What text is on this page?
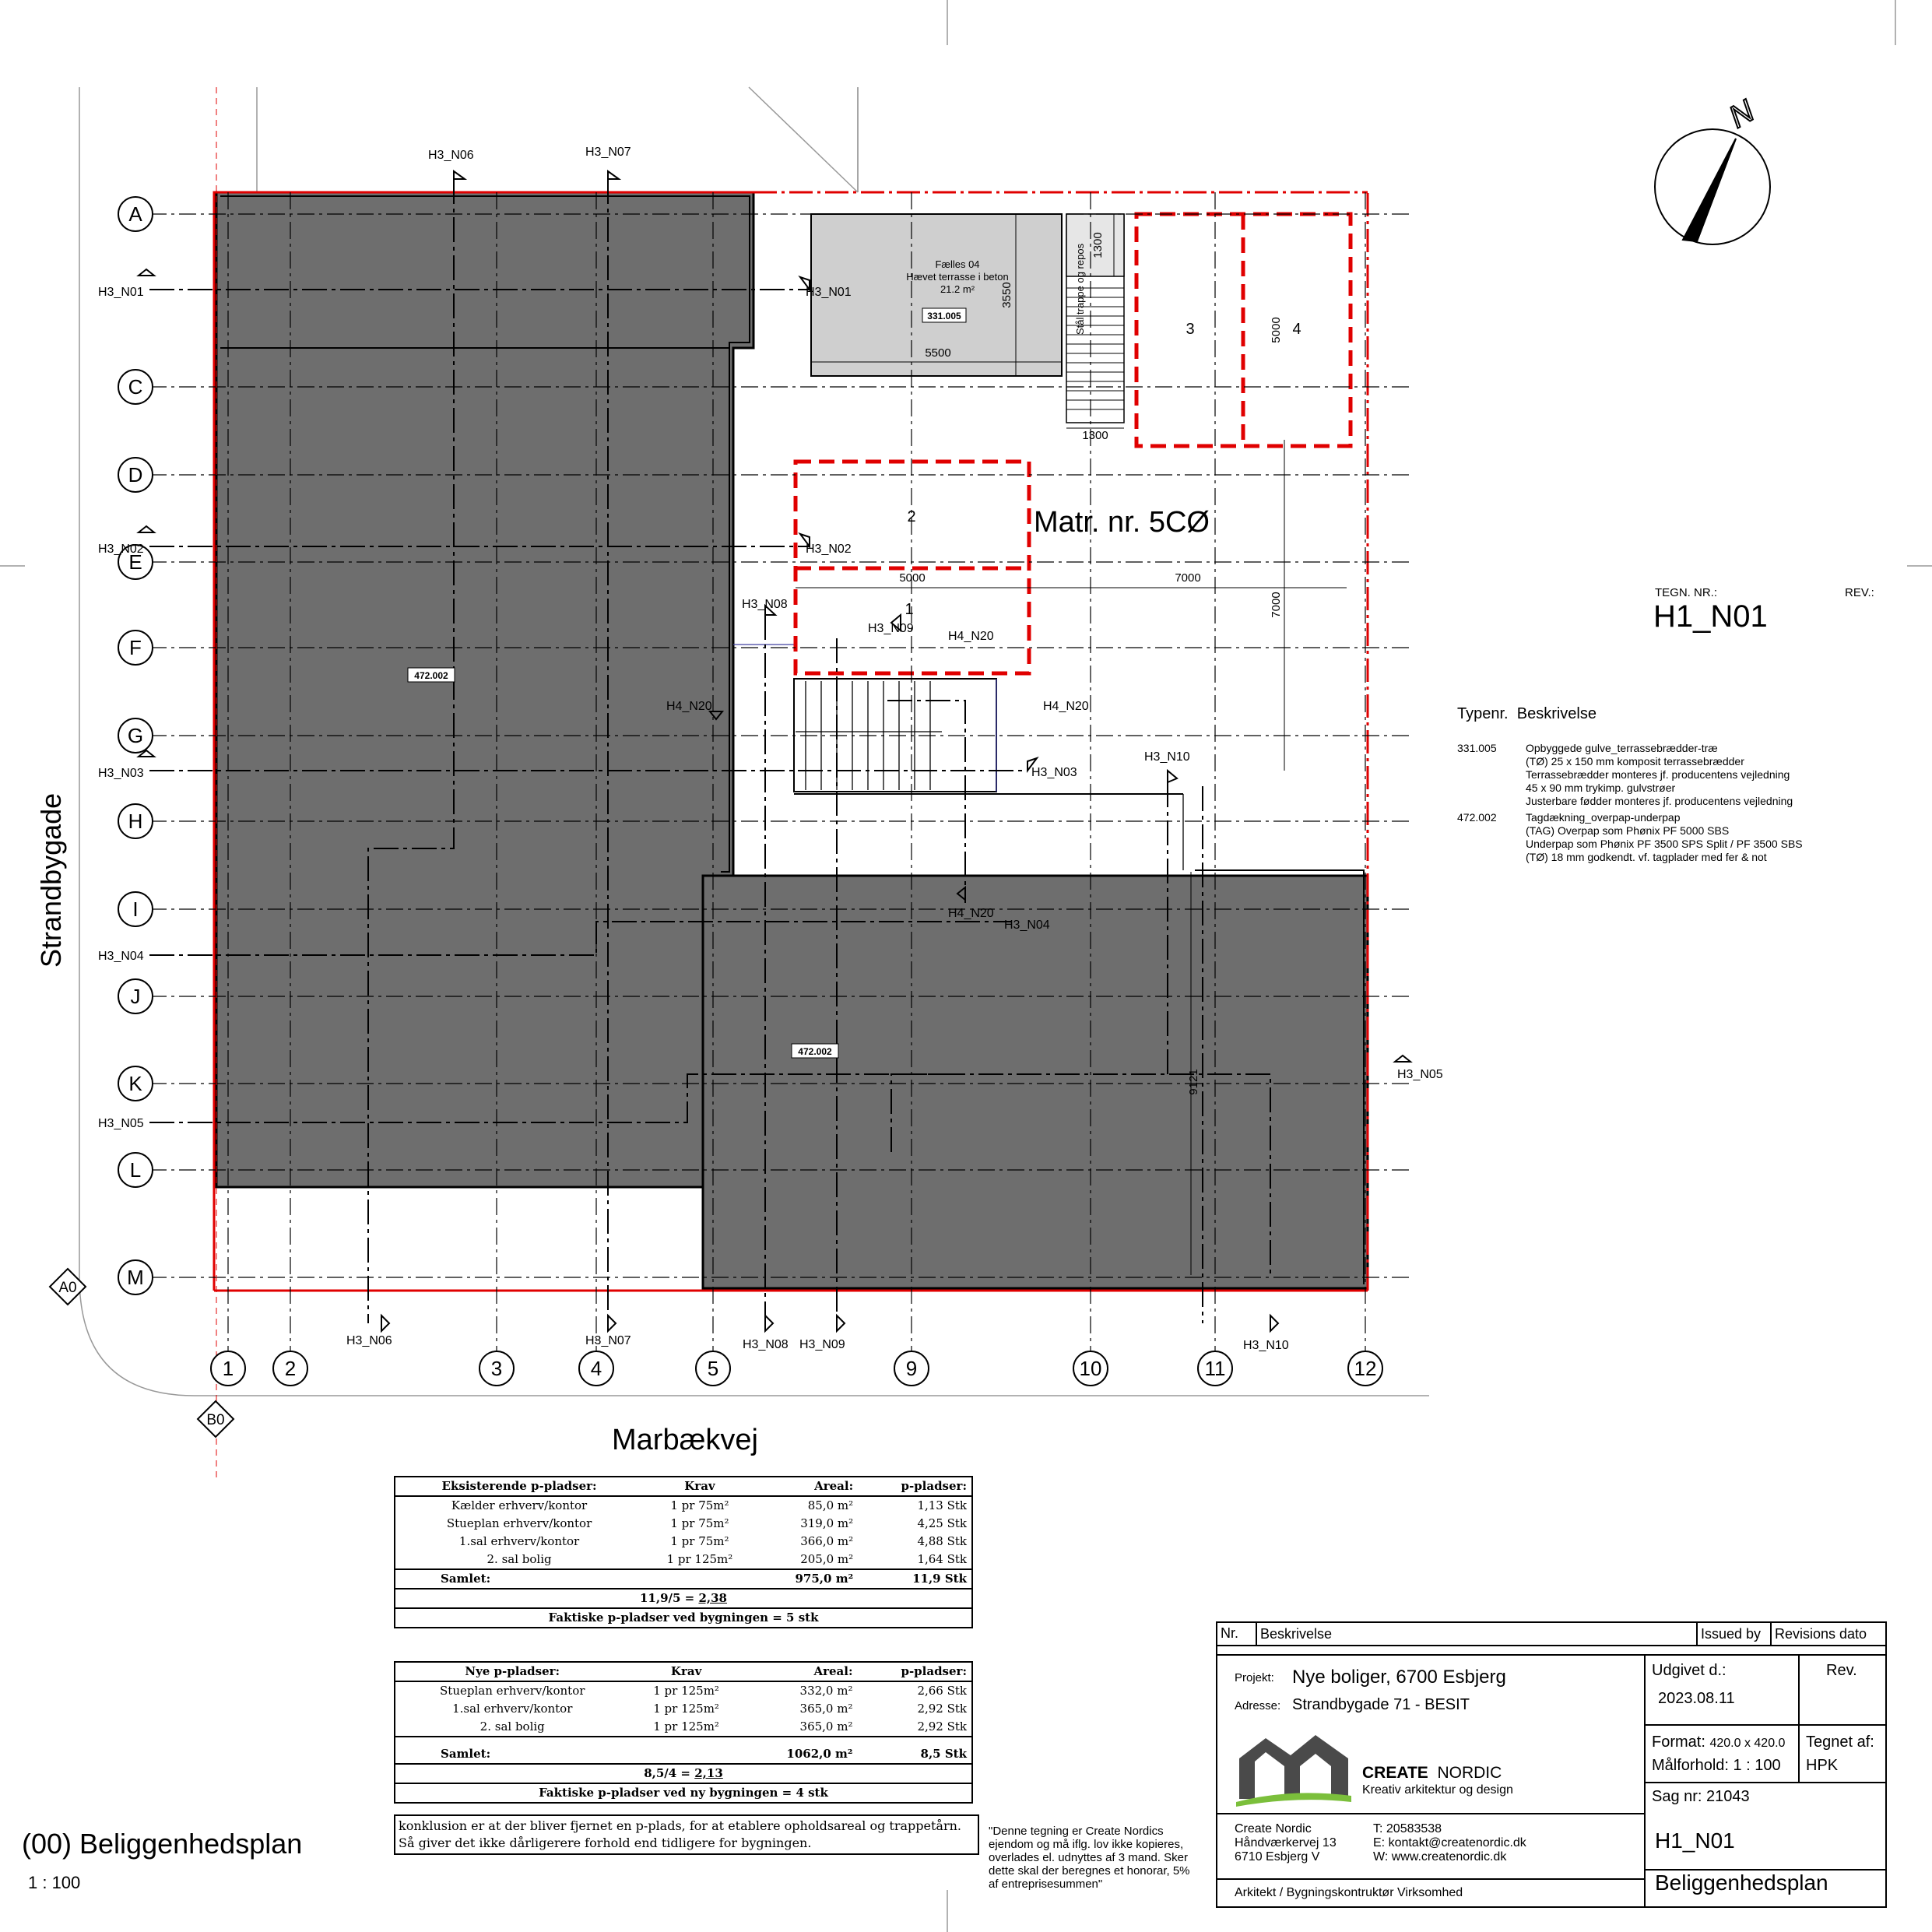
A
C
D
E
F
G
H
I
J
K
L
M
1	2	3	4	5	9	10	11	12
A0
B0
H3_N06	H3_N07
H3_N01	H3_N01
H3_N02	H3_N02
H3_N03	H3_N03
H3_N04
H3_N04
H3_N05
H3_N05
H3_N08
H3_N09
H3_N10
H4_N20
H4_N20	H4_N20
H4_N20
H3_N06	H3_N07	H3_N08 H3_N09	H3_N10
Fælles 04
Hævet terrasse i beton
21.2 m²
331.005
472.002
472.002
Stål trappe og repos
1
2
3	4
Matr. nr. 5CØ
5500
3550
1300
1300
5000
5000
7000
7000
9121
N
Strandbygade
Marbækvej
TEGN. NR.:	REV.:
H1_N01
Typenr. Beskrivelse
331.005	Opbyggede gulve_terrassebrædder-træ
(TØ) 25 x 150 mm komposit terrassebrædder
Terrassebrædder monteres jf. producentens vejledning
45 x 90 mm trykimp. gulvstrøer
Justerbare fødder monteres jf. producentens vejledning
472.002	Tagdækning_overpap-underpap
(TAG) Overpap som Phønix PF 5000 SBS
Underpap som Phønix PF 3500 SPS Split / PF 3500 SBS
(TØ) 18 mm godkendt. vf. tagplader med fer & not
Eksisterende p-pladser:	Krav	Areal:	p-pladser:
Kælder erhverv/kontor	1 pr 75m²	85,0 m²	1,13 Stk
Stueplan erhverv/kontor	1 pr 75m²	319,0 m²	4,25 Stk
1.sal erhverv/kontor	1 pr 75m²	366,0 m²	4,88 Stk
2. sal bolig	1 pr 125m²	205,0 m²	1,64 Stk
Samlet:		975,0 m²	11,9 Stk
11,9/5 = 2,38			
Faktiske p-pladser ved bygningen = 5 stk			
Nye p-pladser:	Krav	Areal:	p-pladser:
Stueplan erhverv/kontor	1 pr 125m²	332,0 m²	2,66 Stk
1.sal erhverv/kontor	1 pr 125m²	365,0 m²	2,92 Stk
2. sal bolig	1 pr 125m²	365,0 m²	2,92 Stk

Samlet:		1062,0 m²	8,5 Stk
8,5/4 = 2,13			
Faktiske p-pladser ved ny bygningen = 4 stk			
konklusion er at der bliver fjernet en p-plads, for at etablere opholdsareal og trappetårn. Så giver det ikke dårligerere forhold end tidligere for bygningen.
(00) Beliggenhedsplan
1 : 100
"Denne tegning er Create Nordics ejendom og må iflg. lov ikke kopieres, overlades el. udnyttes af 3 mand. Sker dette skal der beregnes et honorar, 5% af entreprisesummen"
Nr.	Beskrivelse	Issued by Revisions dato
Projekt: Nye boliger, 6700 Esbjerg
Adresse: Strandbygade 71 - BESIT
CREATE NORDIC
Kreativ arkitektur og design
Udgivet d.:
2023.08.11
Rev.
Format: 420.0 x 420.0
Målforhold: 1 : 100
Tegnet af:
HPK
Sag nr: 21043
Create Nordic
Håndværkervej 13
6710 Esbjerg V
T: 20583538
E: kontakt@createnordic.dk
W: www.createnordic.dk
Arkitekt / Bygningskontruktør Virksomhed
H1_N01
Beliggenhedsplan
